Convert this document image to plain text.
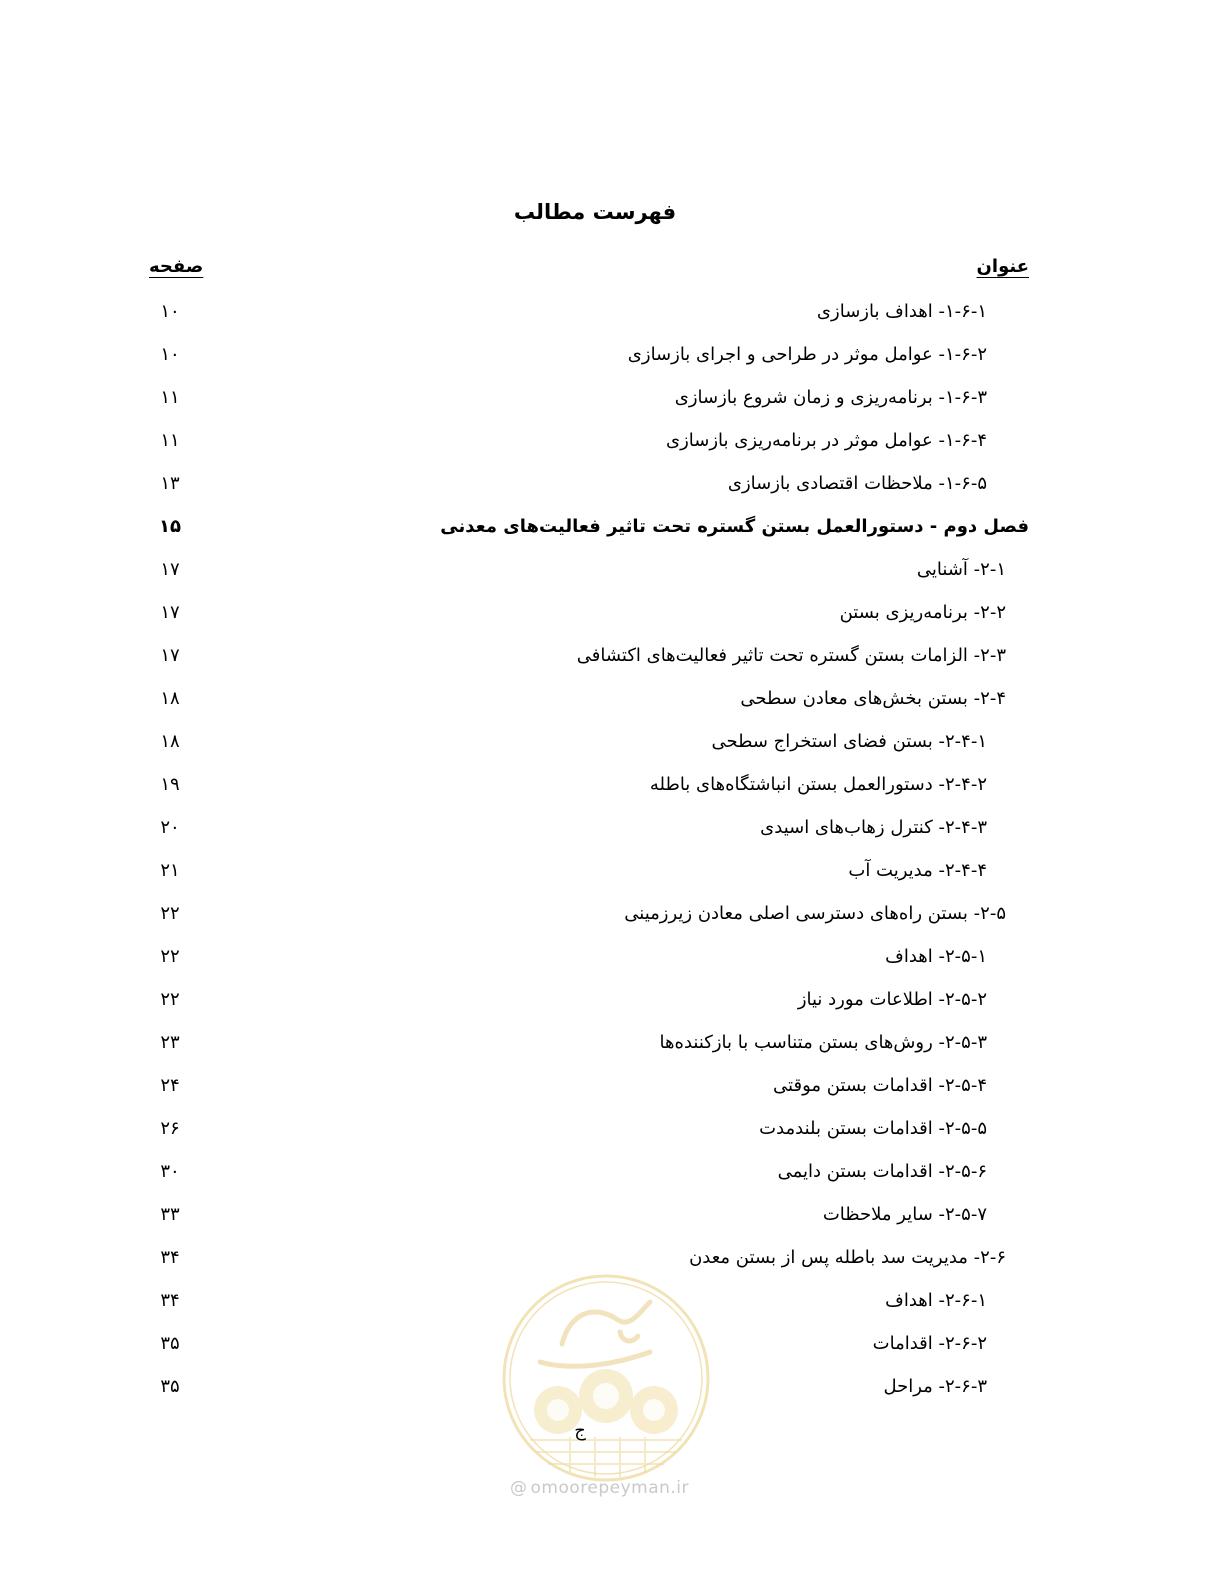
فهرست مطالب
عنوان
صفحه
۱-۶-۱- اهداف بازسازی
۱۰
۱-۶-۲- عوامل موثر در طراحی و اجرای بازسازی
۱۰
۱-۶-۳- برنامه‌ریزی و زمان شروع بازسازی
۱۱
۱-۶-۴- عوامل موثر در برنامه‌ریزی بازسازی
۱۱
۱-۶-۵- ملاحظات اقتصادی بازسازی
۱۳
فصل دوم - دستورالعمل بستن گستره تحت تاثیر فعالیت‌های معدنی
۱۵
۲-۱- آشنایی
۱۷
۲-۲- برنامه‌ریزی بستن
۱۷
۲-۳- الزامات بستن گستره تحت تاثیر فعالیت‌های اکتشافی
۱۷
۲-۴- بستن بخش‌های معادن سطحی
۱۸
۲-۴-۱- بستن فضای استخراج سطحی
۱۸
۲-۴-۲- دستورالعمل بستن انباشتگاه‌های باطله
۱۹
۲-۴-۳- کنترل زهاب‌های اسیدی
۲۰
۲-۴-۴- مدیریت آب
۲۱
۲-۵- بستن راه‌های دسترسی اصلی معادن زیرزمینی
۲۲
۲-۵-۱- اهداف
۲۲
۲-۵-۲- اطلاعات مورد نیاز
۲۲
۲-۵-۳- روش‌های بستن متناسب با بازکننده‌ها
۲۳
۲-۵-۴- اقدامات بستن موقتی
۲۴
۲-۵-۵- اقدامات بستن بلندمدت
۲۶
۲-۵-۶- اقدامات بستن دایمی
۳۰
۲-۵-۷- سایر ملاحظات
۳۳
۲-۶- مدیریت سد باطله پس از بستن معدن
۳۴
۲-۶-۱- اهداف
۳۴
۲-۶-۲- اقدامات
۳۵
۲-۶-۳- مراحل
۳۵
ج
@ omoorepeyman.ir
